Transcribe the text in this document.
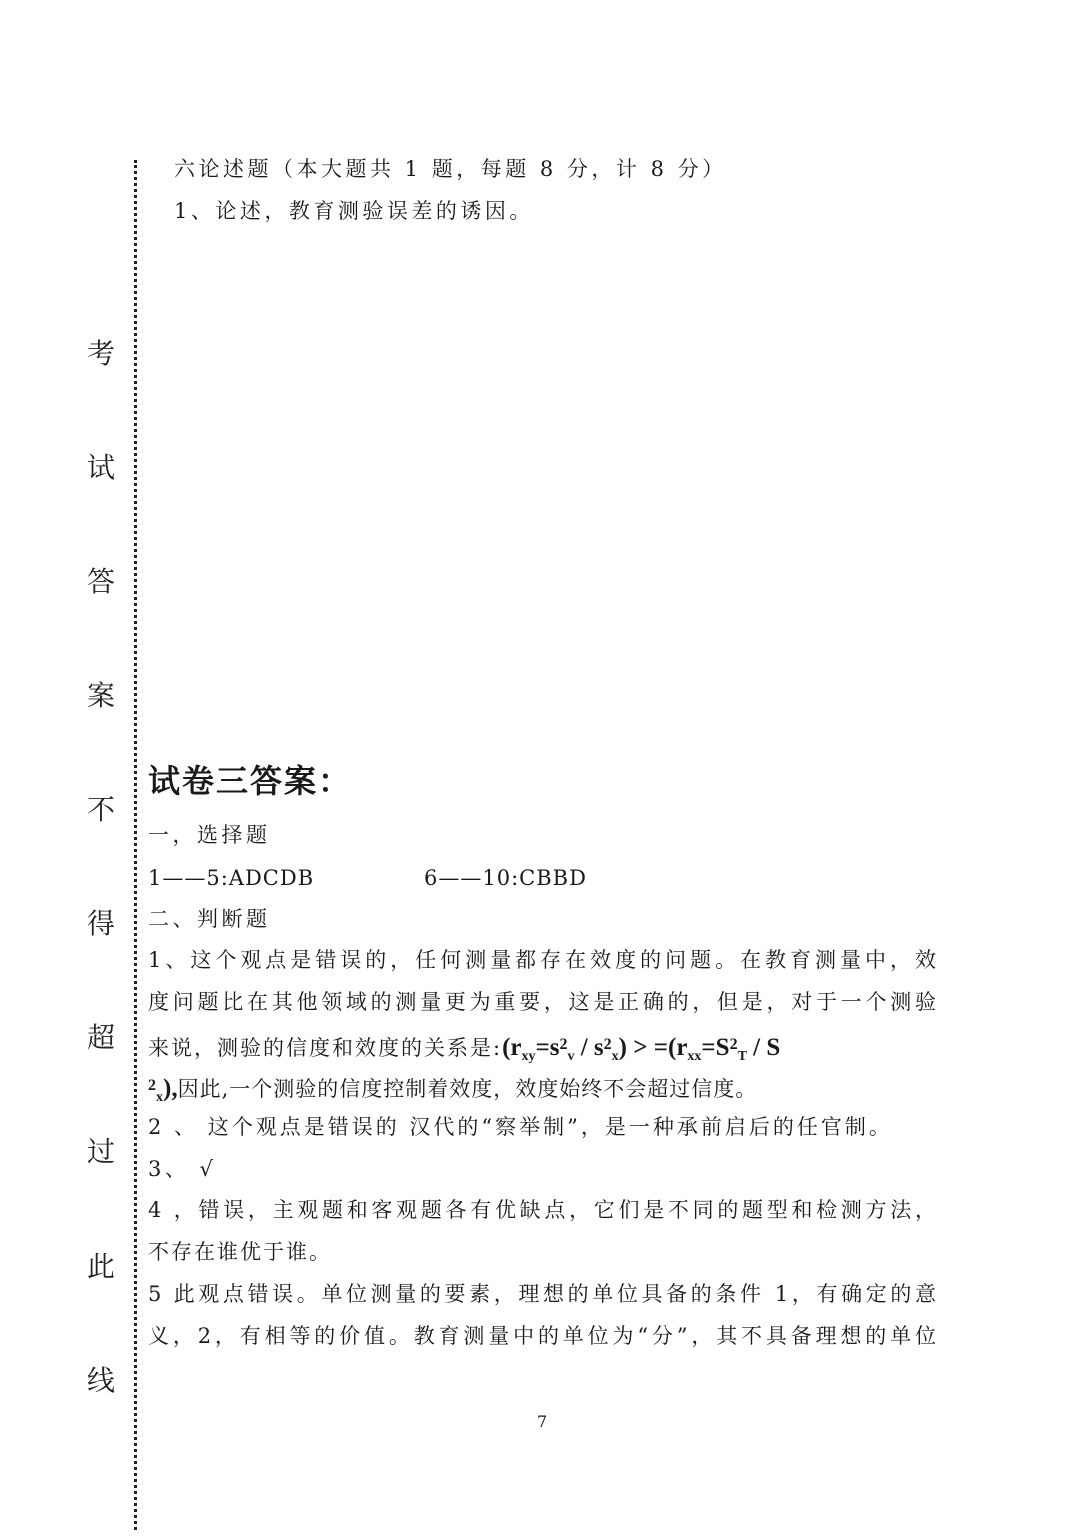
考
试
答
案
不
得
超
过
此
线
六论述题（本大题共 1 题，每题 8 分，计 8 分）
1、论述，教育测验误差的诱因。
试卷三答案：
一，选择题
1——5:ADCDB	6——10:CBBD
二、判断题
1、这个观点是错误的，任何测量都存在效度的问题。在教育测量中，效
度问题比在其他领域的测量更为重要，这是正确的，但是，对于一个测验
来说，测验的信度和效度的关系是$:(r_{xy}=s^2_v / s^2_x) > =(r_{xx}=S^2_T / S$
$^2_x$),因此,一个测验的信度控制着效度，效度始终不会超过信度。
2 、 这个观点是错误的 汉代的“察举制”，是一种承前启后的任官制。
3、 √
4 ，错误，主观题和客观题各有优缺点，它们是不同的题型和检测方法，
不存在谁优于谁。
5 此观点错误。单位测量的要素，理想的单位具备的条件 1，有确定的意
义，2，有相等的价值。教育测量中的单位为“分”，其不具备理想的单位
7
